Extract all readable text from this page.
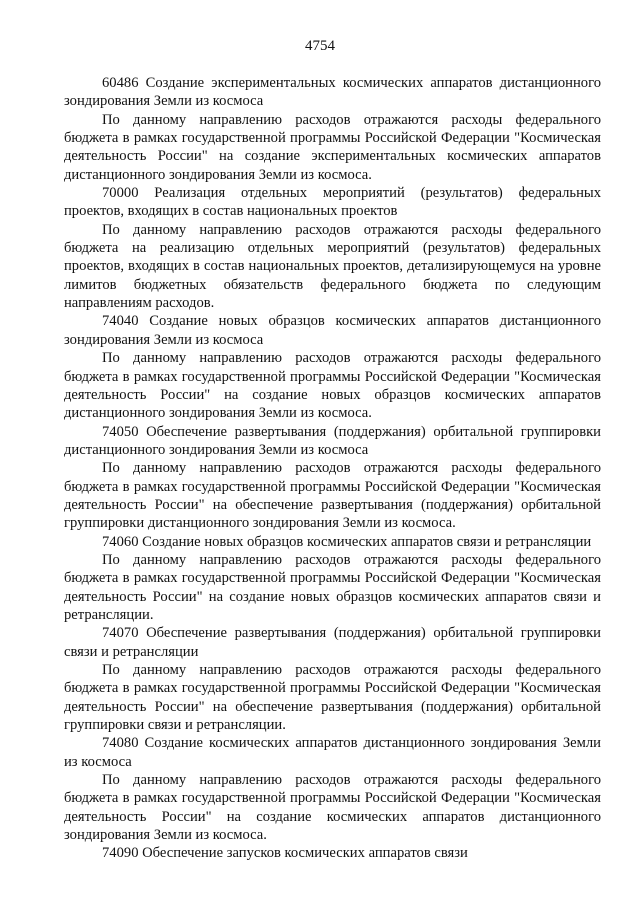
4754

60486 Создание экспериментальных космических аппаратов дистанционного зондирования Земли из космоса

По данному направлению расходов отражаются расходы федерального бюджета в рамках государственной программы Российской Федерации "Космическая деятельность России" на создание экспериментальных космических аппаратов дистанционного зондирования Земли из космоса.

70000 Реализация отдельных мероприятий (результатов) федеральных проектов, входящих в состав национальных проектов

По данному направлению расходов отражаются расходы федерального бюджета на реализацию отдельных мероприятий (результатов) федеральных проектов, входящих в состав национальных проектов, детализирующемуся на уровне лимитов бюджетных обязательств федерального бюджета по следующим направлениям расходов.

74040 Создание новых образцов космических аппаратов дистанционного зондирования Земли из космоса

По данному направлению расходов отражаются расходы федерального бюджета в рамках государственной программы Российской Федерации "Космическая деятельность России" на создание новых образцов космических аппаратов дистанционного зондирования Земли из космоса.

74050 Обеспечение развертывания (поддержания) орбитальной группировки дистанционного зондирования Земли из космоса

По данному направлению расходов отражаются расходы федерального бюджета в рамках государственной программы Российской Федерации "Космическая деятельность России" на обеспечение развертывания (поддержания) орбитальной группировки дистанционного зондирования Земли из космоса.

74060 Создание новых образцов космических аппаратов связи и ретрансляции

По данному направлению расходов отражаются расходы федерального бюджета в рамках государственной программы Российской Федерации "Космическая деятельность России" на создание новых образцов космических аппаратов связи и ретрансляции.

74070 Обеспечение развертывания (поддержания) орбитальной группировки связи и ретрансляции

По данному направлению расходов отражаются расходы федерального бюджета в рамках государственной программы Российской Федерации "Космическая деятельность России" на обеспечение развертывания (поддержания) орбитальной группировки связи и ретрансляции.

74080 Создание космических аппаратов дистанционного зондирования Земли из космоса

По данному направлению расходов отражаются расходы федерального бюджета в рамках государственной программы Российской Федерации "Космическая деятельность России" на создание космических аппаратов дистанционного зондирования Земли из космоса.

74090 Обеспечение запусков космических аппаратов связи
